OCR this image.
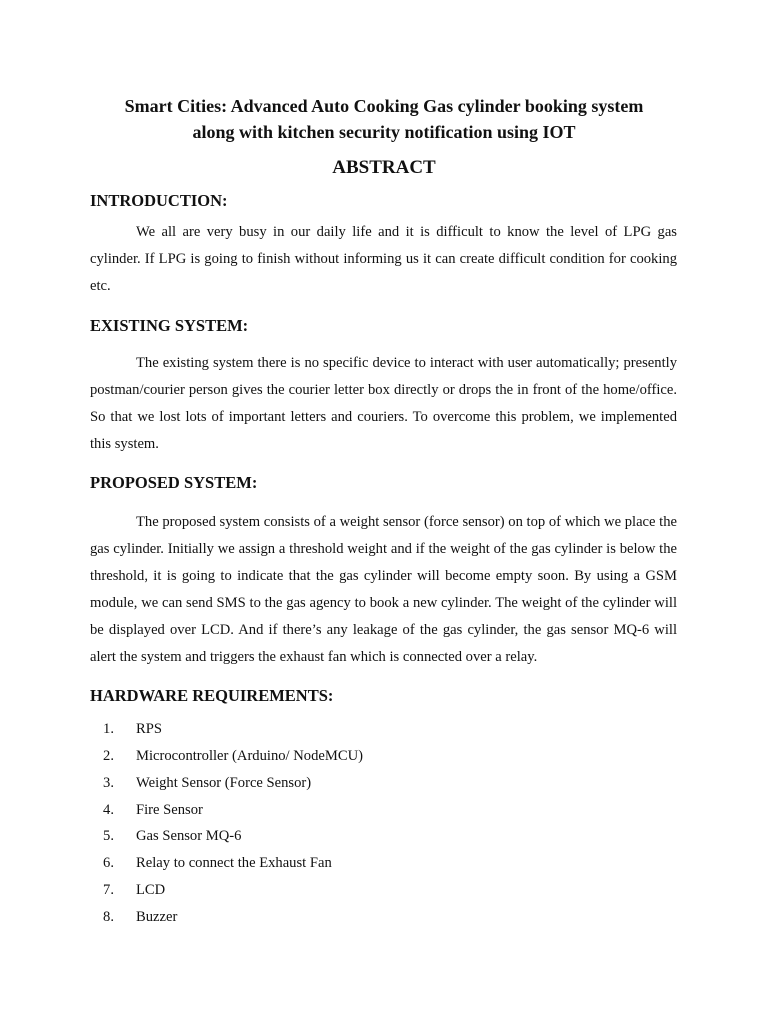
Smart Cities: Advanced Auto Cooking Gas cylinder booking system
along with kitchen security notification using IOT
ABSTRACT
INTRODUCTION:

We all are very busy in our daily life and it is difficult to know the level of LPG gas cylinder. If LPG is going to finish without informing us it can create difficult condition for cooking etc.

EXISTING SYSTEM:

The existing system there is no specific device to interact with user automatically; presently postman/courier person gives the courier letter box directly or drops the in front of the home/office. So that we lost lots of important letters and couriers. To overcome this problem, we implemented this system.

PROPOSED SYSTEM:

The proposed system consists of a weight sensor (force sensor) on top of which we place the gas cylinder. Initially we assign a threshold weight and if the weight of the gas cylinder is below the threshold, it is going to indicate that the gas cylinder will become empty soon. By using a GSM module, we can send SMS to the gas agency to book a new cylinder. The weight of the cylinder will be displayed over LCD. And if there’s any leakage of the gas cylinder, the gas sensor MQ-6 will alert the system and triggers the exhaust fan which is connected over a relay.

HARDWARE REQUIREMENTS:
1. RPS
2. Microcontroller (Arduino/ NodeMCU)
3. Weight Sensor (Force Sensor)
4. Fire Sensor
5. Gas Sensor MQ-6
6. Relay to connect the Exhaust Fan
7. LCD
8. Buzzer
